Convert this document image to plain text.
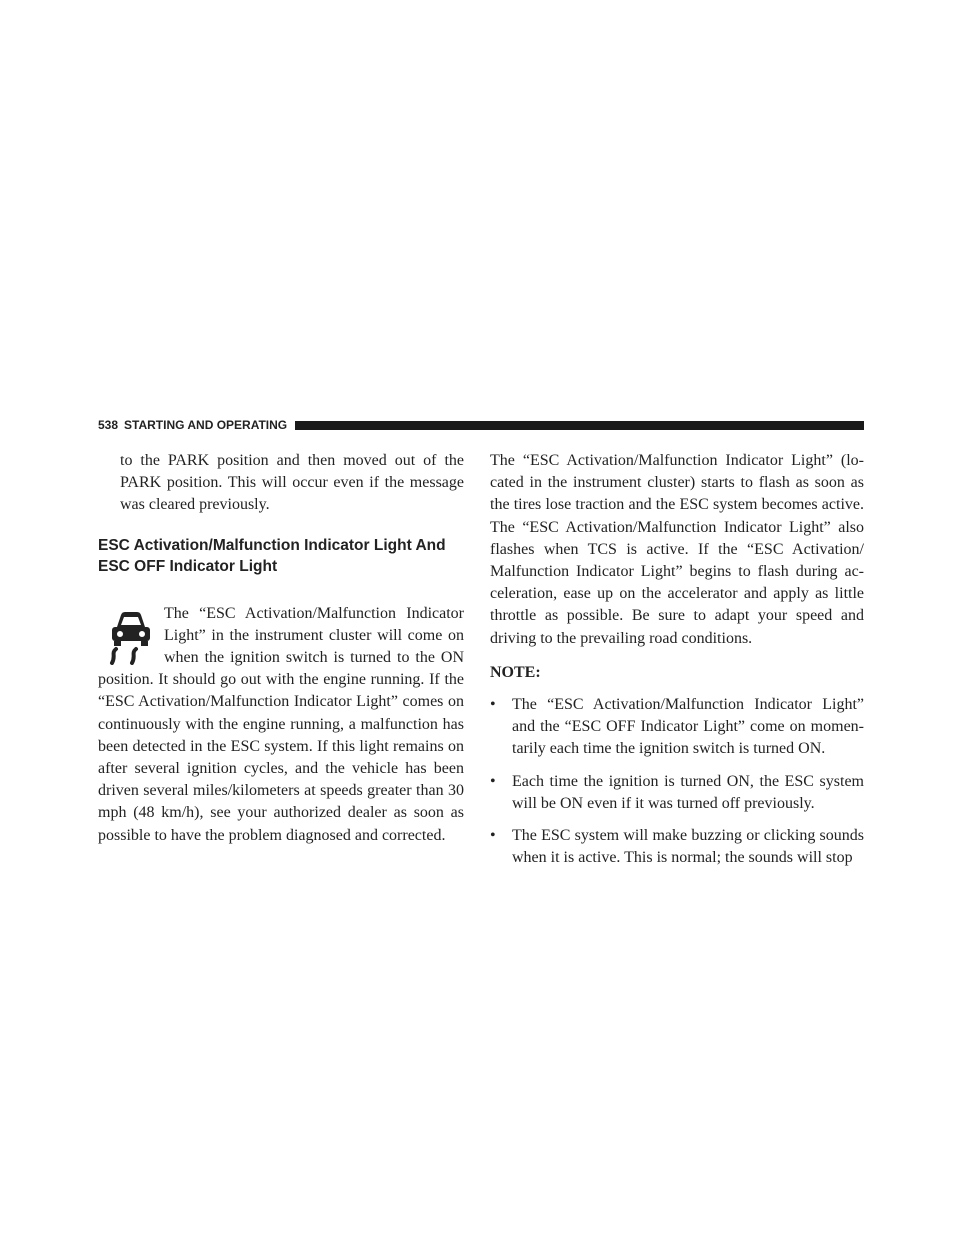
538 STARTING AND OPERATING

to the PARK position and then moved out of the PARK position. This will occur even if the message was cleared previously.

ESC Activation/Malfunction Indicator Light And ESC OFF Indicator Light

The “ESC Activation/Malfunction Indicator Light” in the instrument cluster will come on when the ignition switch is turned to the ON position. It should go out with the engine running. If the “ESC Activation/Malfunction Indicator Light” comes on continuously with the engine running, a malfunction has been detected in the ESC system. If this light remains on after several ignition cycles, and the vehicle has been driven several miles/kilometers at speeds greater than 30 mph (48 km/h), see your authorized dealer as soon as possible to have the problem diagnosed and corrected.

The “ESC Activation/Malfunction Indicator Light” (located in the instrument cluster) starts to flash as soon as the tires lose traction and the ESC system becomes active. The “ESC Activation/Malfunction Indicator Light” also flashes when TCS is active. If the “ESC Activation/ Malfunction Indicator Light” begins to flash during acceleration, ease up on the accelerator and apply as little throttle as possible. Be sure to adapt your speed and driving to the prevailing road conditions.

NOTE:

• The “ESC Activation/Malfunction Indicator Light” and the “ESC OFF Indicator Light” come on momentarily each time the ignition switch is turned ON.
• Each time the ignition is turned ON, the ESC system will be ON even if it was turned off previously.
• The ESC system will make buzzing or clicking sounds when it is active. This is normal; the sounds will stop
